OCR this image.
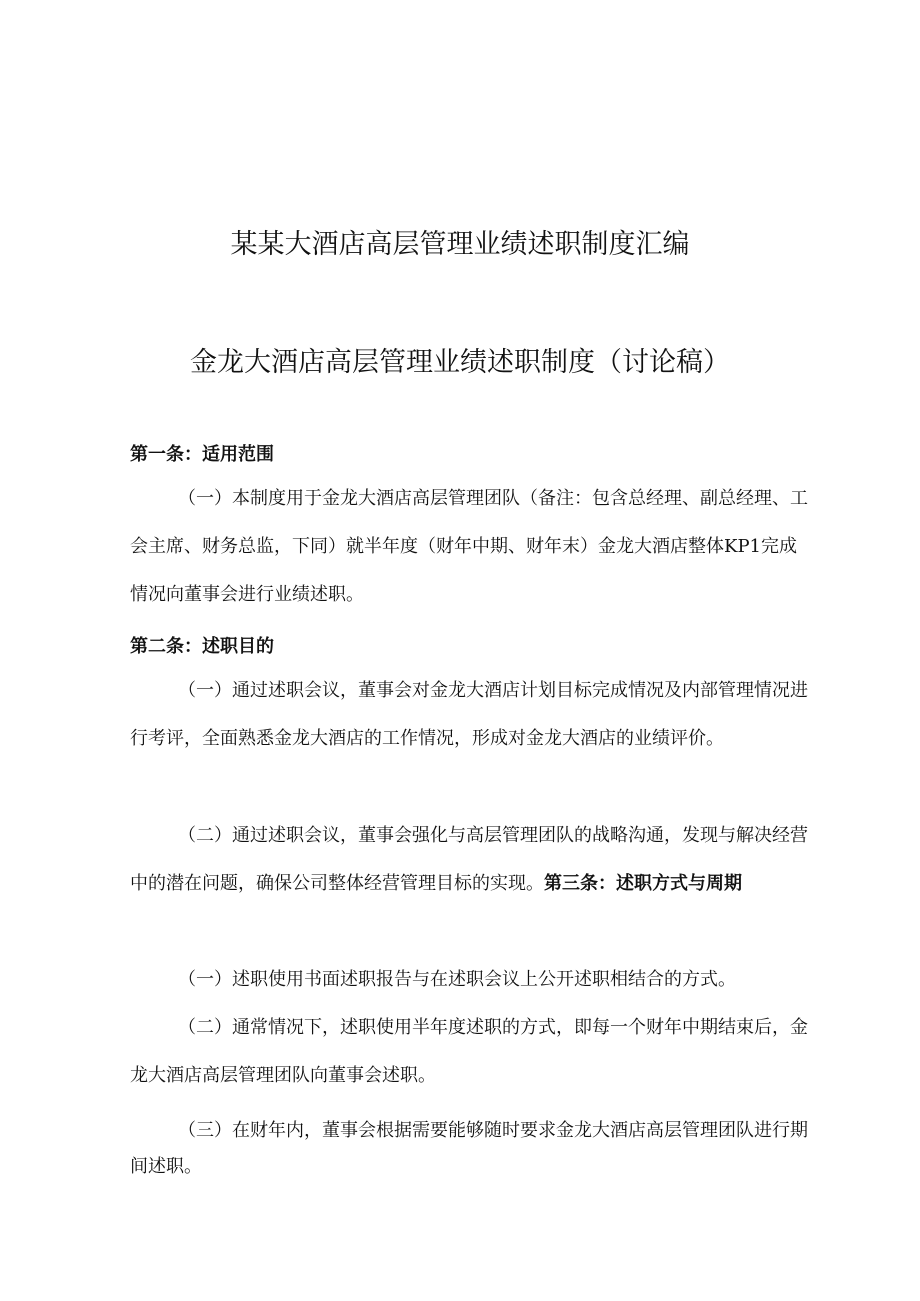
某某大酒店高层管理业绩述职制度汇编
金龙大酒店高层管理业绩述职制度（讨论稿）
第一条：适用范围

（一）本制度用于金龙大酒店高层管理团队（备注：包含总经理、副总经理、工会主席、财务总监，下同）就半年度（财年中期、财年末）金龙大酒店整体KP1完成情况向董事会进行业绩述职。

第二条：述职目的

（一）通过述职会议，董事会对金龙大酒店计划目标完成情况及内部管理情况进行考评，全面熟悉金龙大酒店的工作情况，形成对金龙大酒店的业绩评价。

（二）通过述职会议，董事会强化与高层管理团队的战略沟通，发现与解决经营中的潜在问题，确保公司整体经营管理目标的实现。第三条：述职方式与周期

（一）述职使用书面述职报告与在述职会议上公开述职相结合的方式。

（二）通常情况下，述职使用半年度述职的方式，即每一个财年中期结束后，金龙大酒店高层管理团队向董事会述职。

（三）在财年内，董事会根据需要能够随时要求金龙大酒店高层管理团队进行期间述职。
